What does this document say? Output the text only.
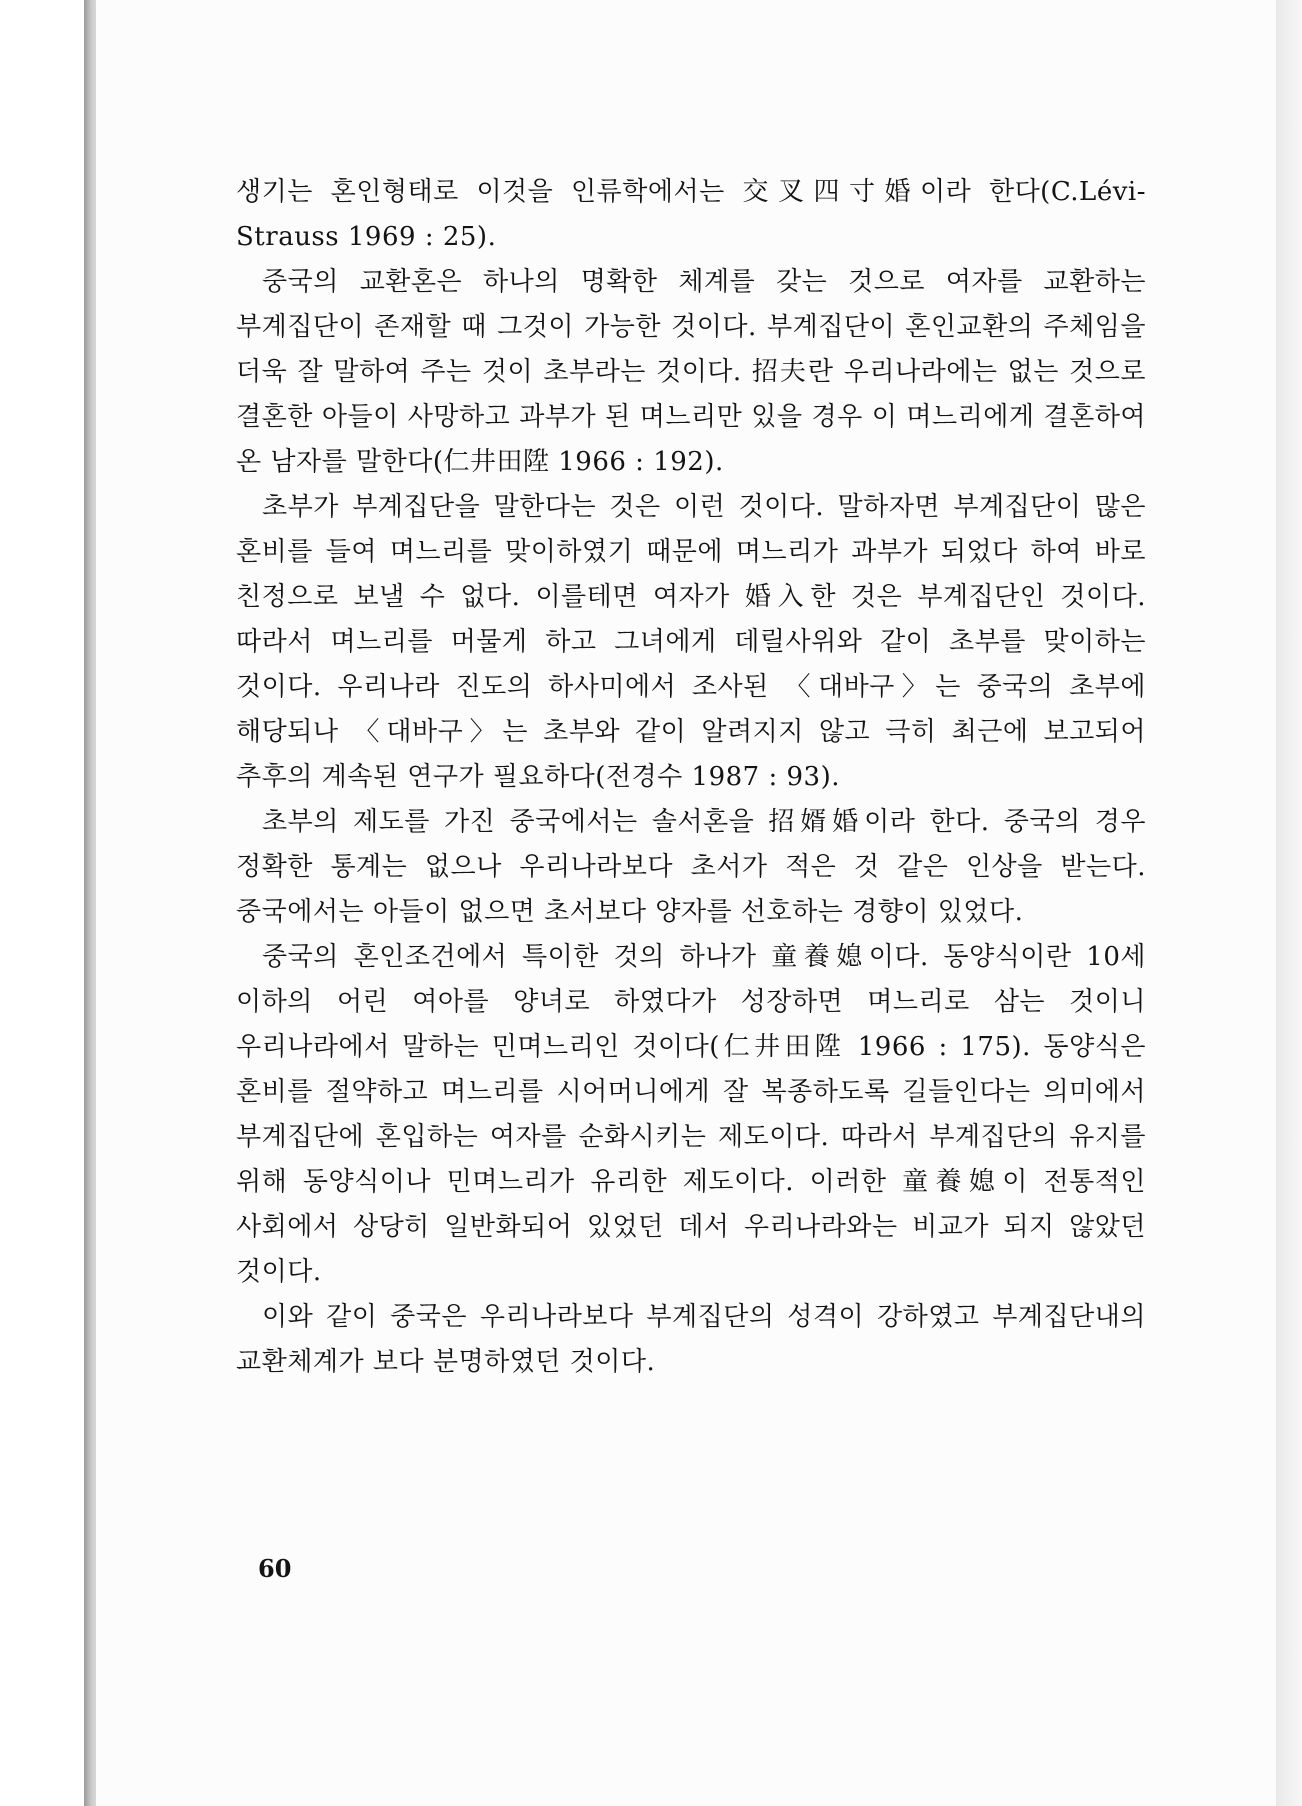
생기는 혼인형태로 이것을 인류학에서는 交叉四寸婚이라 한다(C.Lévi-Strauss 1969 : 25).

중국의 교환혼은 하나의 명확한 체계를 갖는 것으로 여자를 교환하는 부계집단이 존재할 때 그것이 가능한 것이다. 부계집단이 혼인교환의 주체임을 더욱 잘 말하여 주는 것이 초부라는 것이다. 招夫란 우리나라에는 없는 것으로 결혼한 아들이 사망하고 과부가 된 며느리만 있을 경우 이 며느리에게 결혼하여 온 남자를 말한다(仁井田陞 1966 : 192).

초부가 부계집단을 말한다는 것은 이런 것이다. 말하자면 부계집단이 많은 혼비를 들여 며느리를 맞이하였기 때문에 며느리가 과부가 되었다 하여 바로 친정으로 보낼 수 없다. 이를테면 여자가 婚入한 것은 부계집단인 것이다. 따라서 며느리를 머물게 하고 그녀에게 데릴사위와 같이 초부를 맞이하는 것이다. 우리나라 진도의 하사미에서 조사된 〈대바구〉는 중국의 초부에 해당되나 〈대바구〉는 초부와 같이 알려지지 않고 극히 최근에 보고되어 추후의 계속된 연구가 필요하다(전경수 1987 : 93).

초부의 제도를 가진 중국에서는 솔서혼을 招婿婚이라 한다. 중국의 경우 정확한 통계는 없으나 우리나라보다 초서가 적은 것 같은 인상을 받는다. 중국에서는 아들이 없으면 초서보다 양자를 선호하는 경향이 있었다.

중국의 혼인조건에서 특이한 것의 하나가 童養媳이다. 동양식이란 10세 이하의 어린 여아를 양녀로 하였다가 성장하면 며느리로 삼는 것이니 우리나라에서 말하는 민며느리인 것이다(仁井田陞 1966 : 175). 동양식은 혼비를 절약하고 며느리를 시어머니에게 잘 복종하도록 길들인다는 의미에서 부계집단에 혼입하는 여자를 순화시키는 제도이다. 따라서 부계집단의 유지를 위해 동양식이나 민며느리가 유리한 제도이다. 이러한 童養媳이 전통적인 사회에서 상당히 일반화되어 있었던 데서 우리나라와는 비교가 되지 않았던 것이다.

이와 같이 중국은 우리나라보다 부계집단의 성격이 강하였고 부계집단내의 교환체계가 보다 분명하였던 것이다.

60
